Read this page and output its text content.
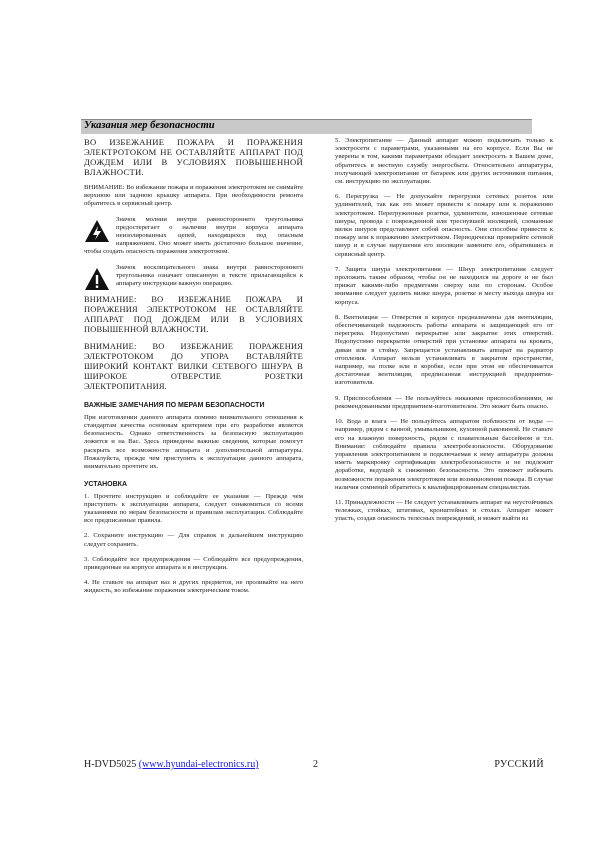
Указания мер безопасности

ВО ИЗБЕЖАНИЕ ПОЖАРА И ПОРАЖЕНИЯ ЭЛЕКТРОТОКОМ НЕ ОСТАВЛЯЙТЕ АППАРАТ ПОД ДОЖДЕМ ИЛИ В УСЛОВИЯХ ПОВЫШЕННОЙ ВЛАЖНОСТИ.

ВНИМАНИЕ: Во избежание пожара и поражения электротоком не снимайте верхнюю или заднюю крышку аппарата. При необходимости ремонта обратитесь в сервисный центр.

Значок молнии внутри равностороннего треугольника предостерегает о наличии внутри корпуса аппарата неизолированных цепей, находящихся под опасным напряжением. Оно может иметь достаточно большое значение, чтобы создать опасность поражения электротоком.

Значок восклицательного знака внутри равностороннего треугольника означает описанную в тексте прилагающейся к аппарату инструкции важную операцию.

ВНИМАНИЕ: ВО ИЗБЕЖАНИЕ ПОЖАРА И ПОРАЖЕНИЯ ЭЛЕКТРОТОКОМ НЕ ОСТАВЛЯЙТЕ АППАРАТ ПОД ДОЖДЕМ ИЛИ В УСЛОВИЯХ ПОВЫШЕННОЙ ВЛАЖНОСТИ.

ВНИМАНИЕ: ВО ИЗБЕЖАНИЕ ПОРАЖЕНИЯ ЭЛЕКТРОТОКОМ ДО УПОРА ВСТАВЛЯЙТЕ ШИРОКИЙ КОНТАКТ ВИЛКИ СЕТЕВОГО ШНУРА В ШИРОКОЕ ОТВЕРСТИЕ РОЗЕТКИ ЭЛЕКТРОПИТАНИЯ.

ВАЖНЫЕ ЗАМЕЧАНИЯ ПО МЕРАМ БЕЗОПАСНОСТИ

При изготовлении данного аппарата помимо внимательного отношения к стандартам качества основным критерием при его разработке является безопасность. Однако ответственность за безопасную эксплуатацию ложится и на Вас. Здесь приведены важные сведения, которые помогут раскрыть все возможности аппарата и дополнительной аппаратуры. Пожалуйста, прежде чем приступить к эксплуатации данного аппарата, внимательно прочтите их.

УСТАНОВКА

1. Прочтите инструкцию и соблюдайте ее указания — Прежде чем приступить к эксплуатации аппарата, следует ознакомиться со всеми указаниями по мерам безопасности и правилам эксплуатации. Соблюдайте все предписанные правила.

2. Сохраните инструкцию — Для справок в дальнейшем инструкцию следует сохранить.

3. Соблюдайте все предупреждения — Соблюдайте все предупреждения, приведенные на корпусе аппарата и в инструкции.

4. Не ставьте на аппарат ваз и других предметов, не проливайте на него жидкость, во избежание поражения электрическим током.

5. Электропитание — Данный аппарат можно подключать только к электросети с параметрами, указанными на его корпусе. Если Вы не уверены в том, какими параметрами обладает электросеть в Вашем доме, обратитесь в местную службу энергосбыта. Относительно аппаратуры, получающей электропитание от батареек или других источников питания, см. инструкцию по эксплуатации.

6. Перегрузка — Не допускайте перегрузки сетевых розеток или удлинителей, так как это может привести к пожару или к поражению электротоком. Перегруженные розетки, удлинители, изношенные сетевые шнуры, провода с поврежденной или треснувшей изоляцией, сломанные вилки шнуров представляют собой опасность. Они способны привести к пожару или к поражению электротоком. Периодически проверяйте сетевой шнур и в случае нарушения его изоляции замените его, обратившись в сервисный центр.

7. Защита шнура электропитания — Шнур электропитания следует проложить таким образом, чтобы он не находился на дороге и не был прижат какими-либо предметами сверху или по сторонам. Особое внимание следует уделить вилке шнура, розетке и месту выхода шнура из корпуса.

8. Вентиляция — Отверстия в корпусе предназначены для вентиляции, обеспечивающей надежность работы аппарата и защищающей его от перегрева. Недопустимо перекрытие или закрытие этих отверстий. Недопустимо перекрытие отверстий при установке аппарата на кровать, диван или в стойку. Запрещается устанавливать аппарат на радиатор отопления. Аппарат нельзя устанавливать в закрытом пространстве, например, на полке или в коробке, если при этом не обеспечивается достаточная вентиляция, предписанная инструкцией предприятия-изготовителя.

9. Приспособления — Не пользуйтесь никакими приспособлениями, не рекомендованными предприятием-изготовителем. Это может быть опасно.

10. Вода и влага — Не пользуйтесь аппаратом поблизости от воды — например, рядом с ванной, умывальником, кухонной раковиной. Не ставьте его на влажную поверхность, рядом с плавательным бассейном и т.п. Внимание: соблюдайте правила электробезопасности. Оборудование управления электропитанием и подключаемая к нему аппаратура должна иметь маркировку сертификации электробезопасности и не подлежит доработке, ведущей к снижению безопасности. Это поможет избежать возможности поражения электротоком или возникновения пожара. В случае наличия сомнений обратитесь к квалифицированным специалистам.

11. Принадлежности — Не следует устанавливать аппарат на неустойчивых тележках, стойках, штативах, кронштейнах и столах. Аппарат может упасть, создав опасность телесных повреждений, и может выйти из

H-DVD5025 (www.hyundai-electronics.ru)	2	РУССКИЙ
